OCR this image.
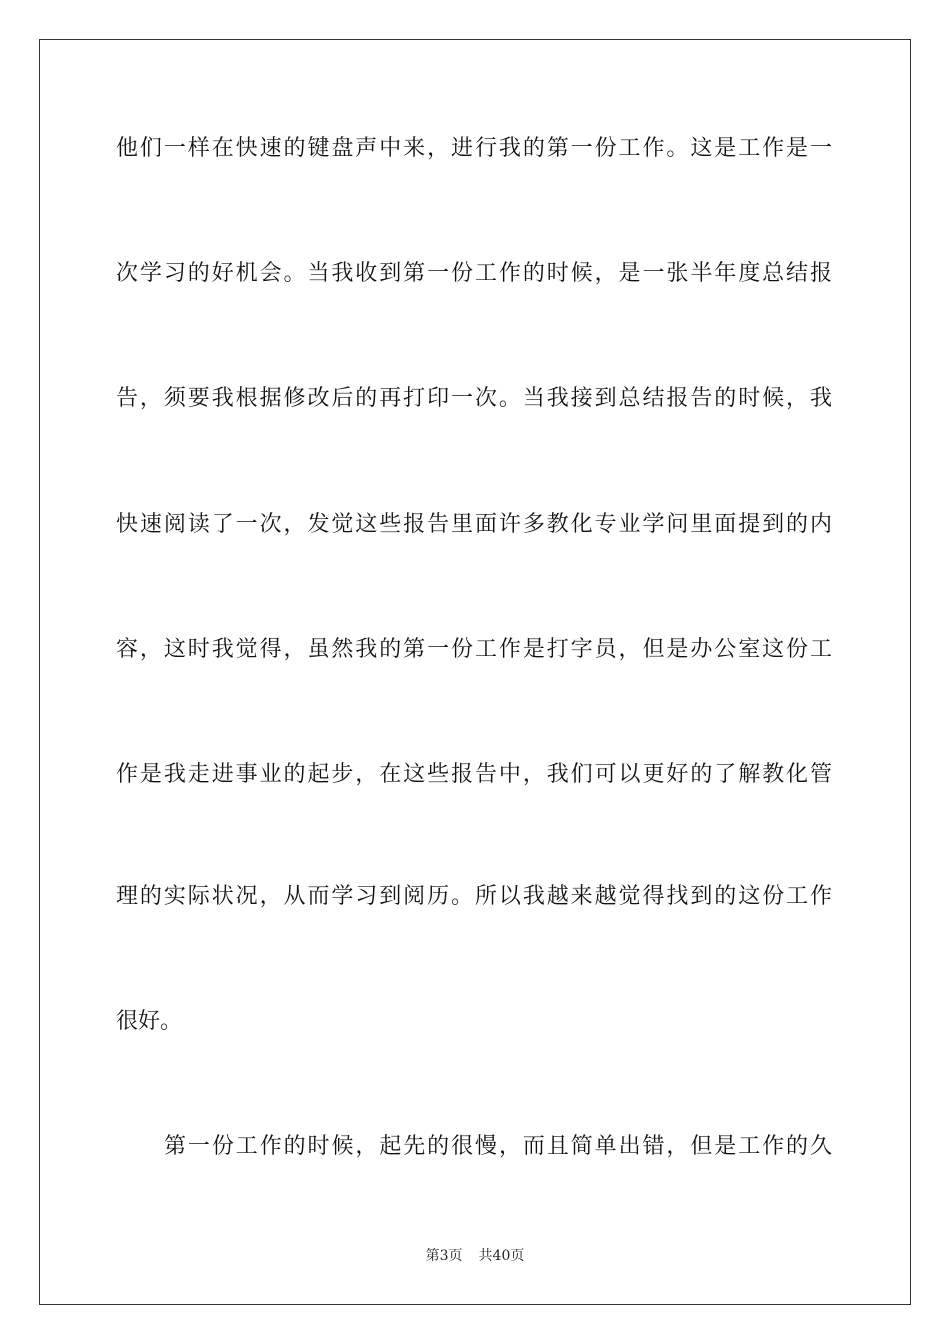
他们一样在快速的键盘声中来，进行我的第一份工作。这是工作是一
次学习的好机会。当我收到第一份工作的时候，是一张半年度总结报
告，须要我根据修改后的再打印一次。当我接到总结报告的时候，我
快速阅读了一次，发觉这些报告里面许多教化专业学问里面提到的内
容，这时我觉得，虽然我的第一份工作是打字员，但是办公室这份工
作是我走进事业的起步，在这些报告中，我们可以更好的了解教化管
理的实际状况，从而学习到阅历。所以我越来越觉得找到的这份工作
很好。
第一份工作的时候，起先的很慢，而且简单出错，但是工作的久
第3页 共40页
